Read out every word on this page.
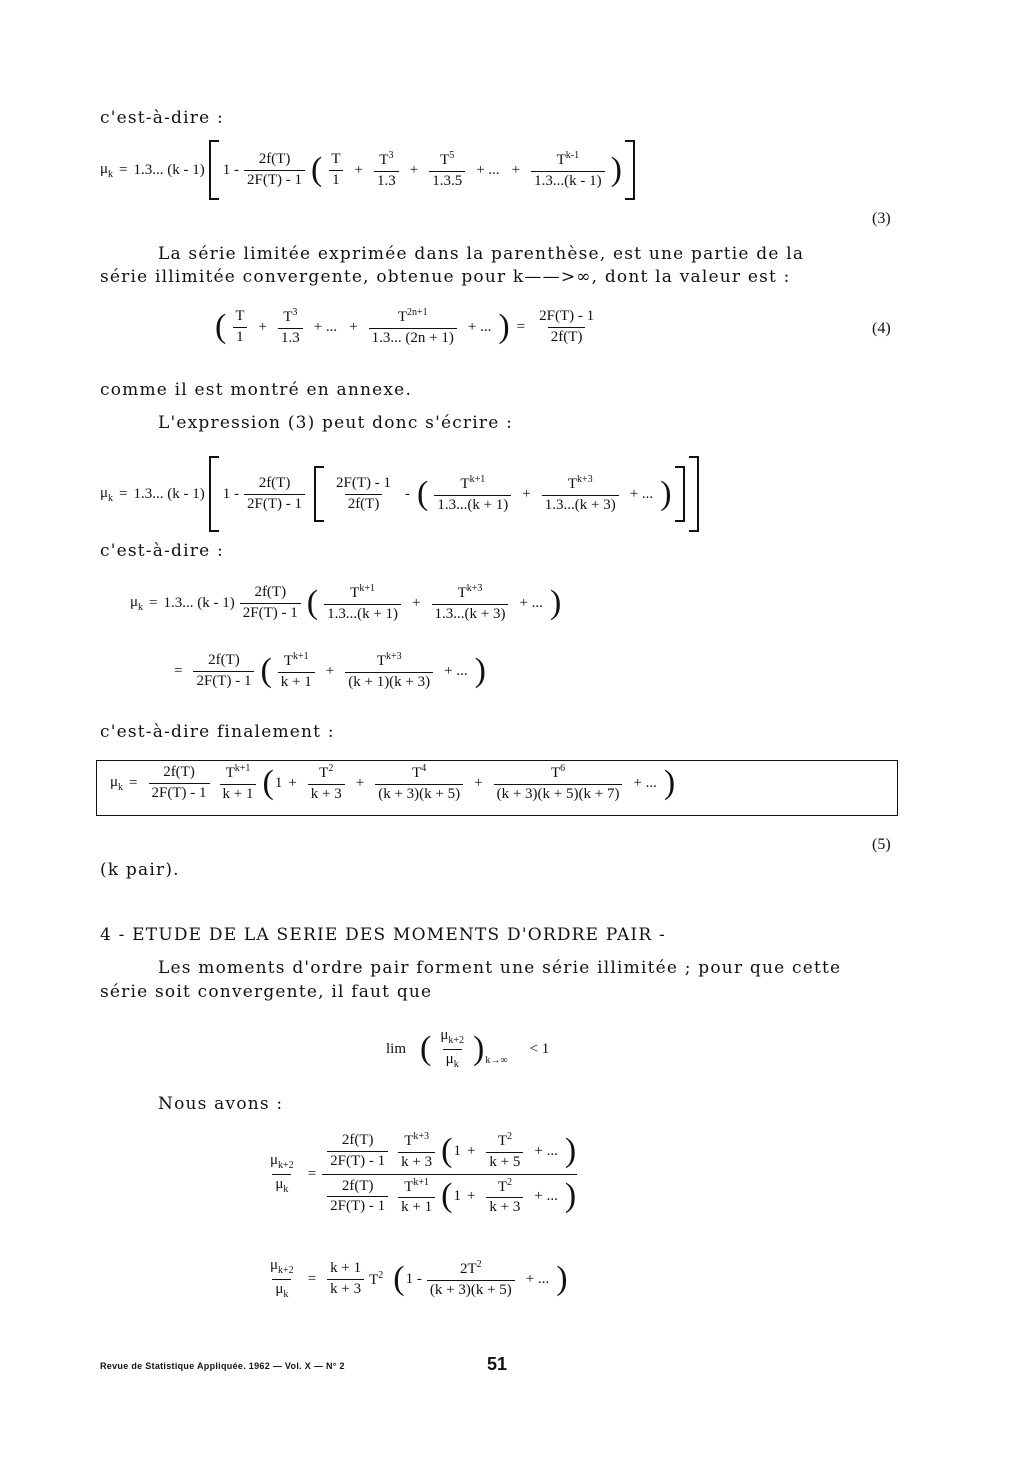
c'est-à-dire :
$\mu_k = 1.3$... (k - 1) $1 - \frac{2f(T)}{2F(T) - 1}$ ( $\frac{T}{1} + \frac{T^3}{1.3} + \frac{T^5}{1.3.5}$ + ... + $\frac{T^{k-1}}{1.3...(k - 1)}$ )
(3)
La série limitée exprimée dans la parenthèse, est une partie de la
série illimitée convergente, obtenue pour k——>∞, dont la valeur est :
( $\frac{T}{1} + \frac{T^3}{1.3}$ + ... + $\frac{T^{2n+1}}{1.3... (2n + 1)}$ + ... ) = $\frac{2F(T) - 1}{2f(T)}$	(4)
comme il est montré en annexe.
L'expression (3) peut donc s'écrire :
$\mu_k = 1.3$... (k - 1) $1 - \frac{2f(T)}{2F(T) - 1} \frac{2F(T) - 1}{2f(T)}$ - ( $\frac{T^{k+1}}{1.3...(k + 1)} + \frac{T^{k+3}}{1.3...(k + 3)}$ + ... )
c'est-à-dire :
$\mu_k = 1.3$... $(k - 1) \frac{2f(T)}{2F(T) - 1}$ ( $\frac{T^{k+1}}{1.3...(k + 1)} + \frac{T^{k+3}}{1.3...(k + 3)}$ + ... )
= $\frac{2f(T)}{2F(T) - 1}$ ( $\frac{T^{k+1}}{k + 1} + \frac{T^{k+3}}{(k + 1)(k + 3)}$ + ... )
c'est-à-dire finalement :
$\mu_k = \frac{2f(T)}{2F(T) - 1} \frac{T^{k+1}}{k + 1}$ ( $1 + \frac{T^2}{k + 3} + \frac{T^4}{(k + 3)(k + 5)} + \frac{T^6}{(k + 3)(k + 5)(k + 7)}$ + ... )
(5)
(k pair).
4 - ETUDE DE LA SERIE DES MOMENTS D'ORDRE PAIR -
Les moments d'ordre pair forment une série illimitée ; pour que cette
série soit convergente, il faut que
lim ( $\frac{\mu_{k+2}}{\mu_k} )_{k\to\infty}$
< 1
Nous avons :
$\frac{\mu_{k+2}}{\mu_k}$ =
$\frac{2f(T)}{2F(T) - 1} \frac{T^{k+3}}{k + 3}$ ( $1 + \frac{T^2}{k + 5}$ + ... )
$\frac{2f(T)}{2F(T) - 1} \frac{T^{k+1}}{k + 1}$ ( $1 + \frac{T^2}{k + 3}$ + ... )
$\frac{\mu_{k+2}}{\mu_k} = \frac{k + 1}{k + 3} T^2$ ( $1 - \frac{2T^2}{(k + 3)(k + 5)}$ + ... )
Revue de Statistique Appliquée. 1962 — Vol. X — N° 2	51
